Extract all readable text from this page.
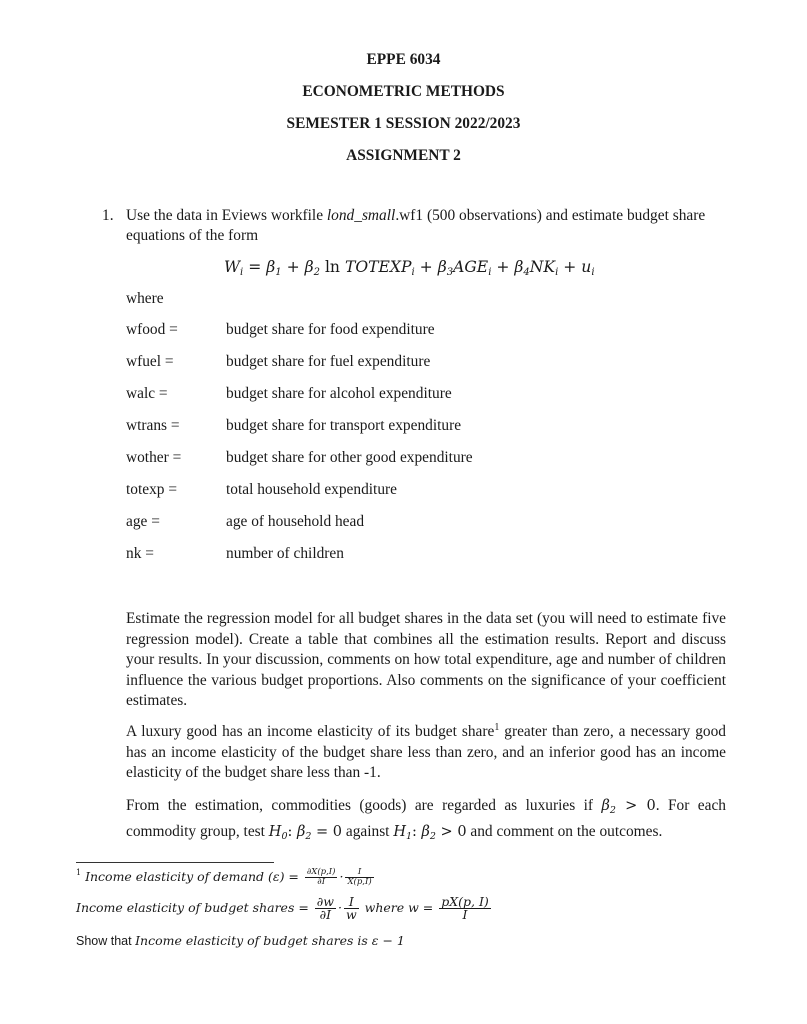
EPPE 6034
ECONOMETRIC METHODS
SEMESTER 1 SESSION 2022/2023
ASSIGNMENT 2
1. Use the data in Eviews workfile lond_small.wf1 (500 observations) and estimate budget share equations of the form
$W_i = \beta_1 + \beta_2$ $\ln TOTEXP_i + \beta_3AGE_i + \beta_4NK_i + u_i$
where
wfood =	budget share for food expenditure
wfuel =	budget share for fuel expenditure
walc =	budget share for alcohol expenditure
wtrans =	budget share for transport expenditure
wother =	budget share for other good expenditure
totexp =	total household expenditure
age =	age of household head
nk =	number of children

Estimate the regression model for all budget shares in the data set (you will need to estimate five regression model). Create a table that combines all the estimation results. Report and discuss your results. In your discussion, comments on how total expenditure, age and number of children influence the various budget proportions. Also comments on the significance of your coefficient estimates.

A luxury good has an income elasticity of its budget share$^1$ greater than zero, a necessary good has an income elasticity of the budget share less than zero, and an inferior good has an income elasticity of the budget share less than -1.

From the estimation, commodities (goods) are regarded as luxuries if $\beta_2 > 0$. For each commodity group, test $H_0$: $\beta_2 = 0$ against $H_1$: $\beta_2 > 0$ and comment on the outcomes.

$^1$ Income elasticity of demand $(\varepsilon) = \frac{\partial X(p,I)}{\partial I} \cdot \frac{I}{X(p,I)}$
Income elasticity of budget shares = $\frac{\partial w}{\partial I} \cdot \frac{I}{w}$ where $w = \frac{pX(p, I)}{I}$
Show that Income elasticity of budget shares is ε − 1
